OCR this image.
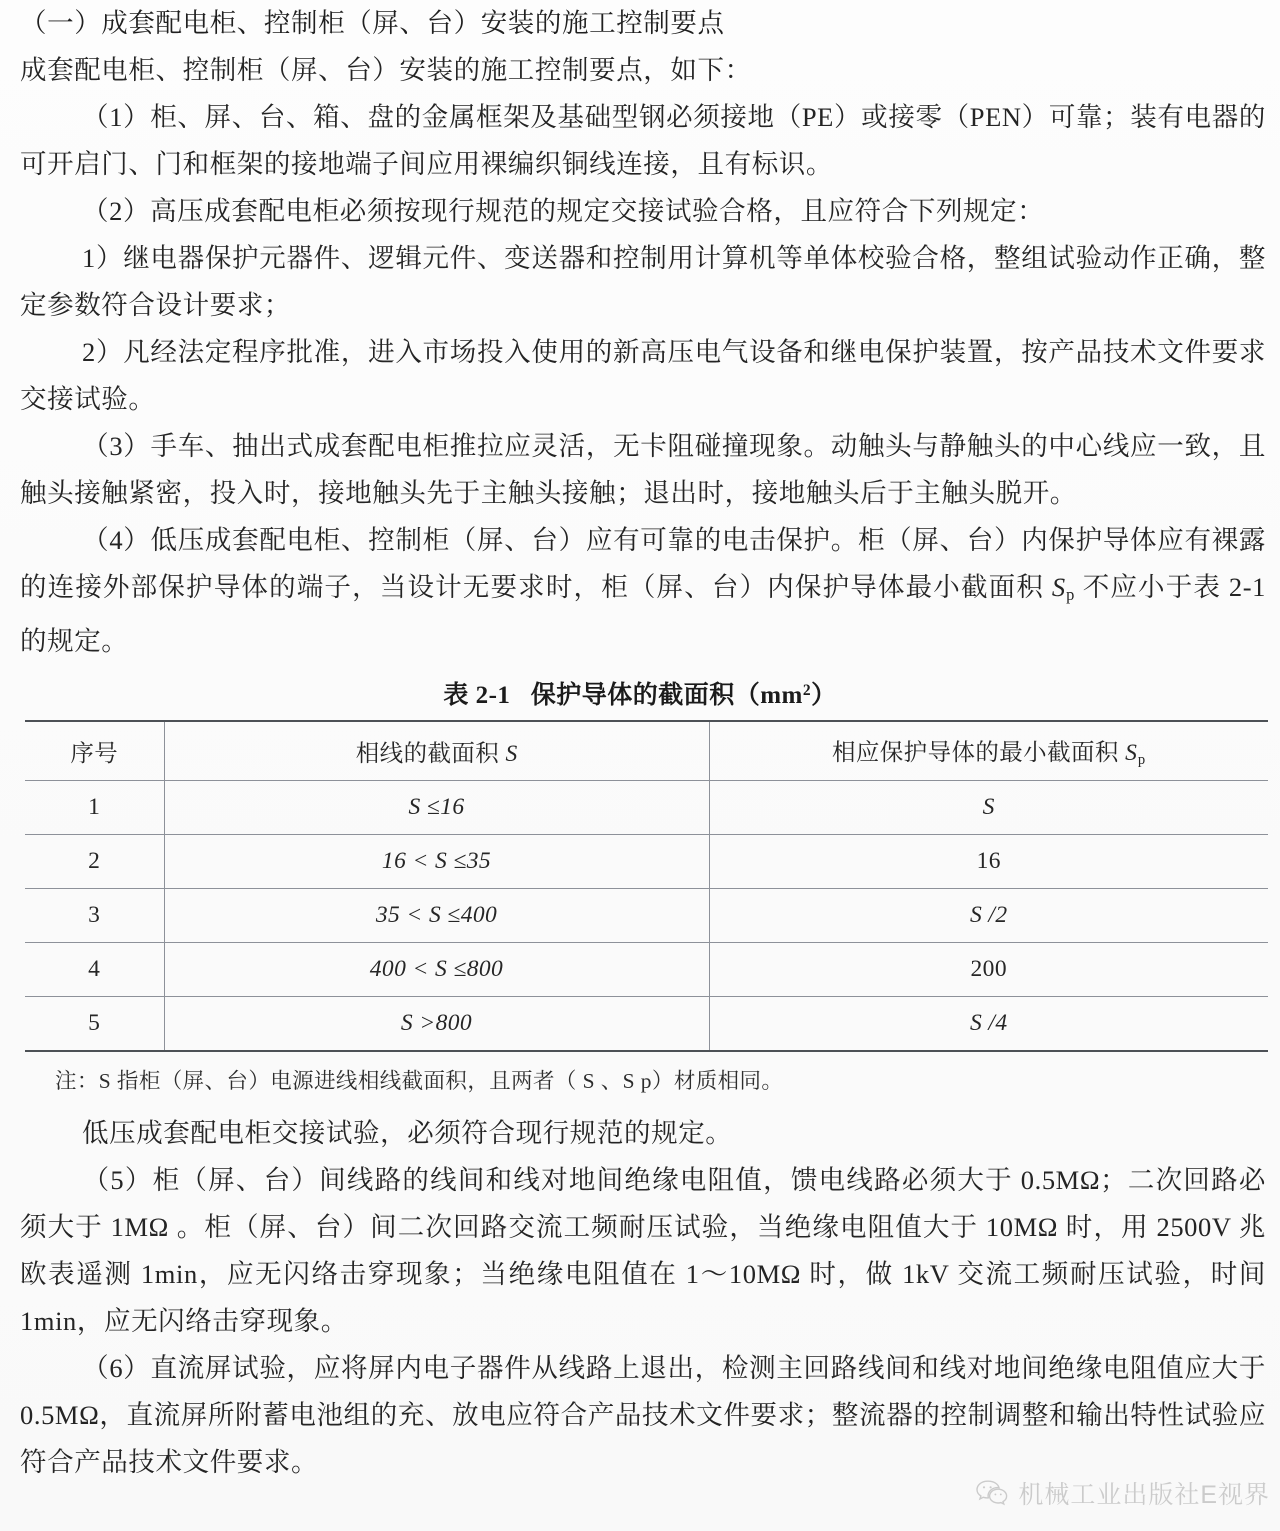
（一）成套配电柜、控制柜（屏、台）安装的施工控制要点

成套配电柜、控制柜（屏、台）安装的施工控制要点，如下：

（1）柜、屏、台、箱、盘的金属框架及基础型钢必须接地（PE）或接零（PEN）可靠；装有电器的可开启门、门和框架的接地端子间应用裸编织铜线连接，且有标识。

（2）高压成套配电柜必须按现行规范的规定交接试验合格，且应符合下列规定：

1）继电器保护元器件、逻辑元件、变送器和控制用计算机等单体校验合格，整组试验动作正确，整定参数符合设计要求；

2）凡经法定程序批准，进入市场投入使用的新高压电气设备和继电保护装置，按产品技术文件要求交接试验。

（3）手车、抽出式成套配电柜推拉应灵活，无卡阻碰撞现象。动触头与静触头的中心线应一致，且触头接触紧密，投入时，接地触头先于主触头接触；退出时，接地触头后于主触头脱开。

（4）低压成套配电柜、控制柜（屏、台）应有可靠的电击保护。柜（屏、台）内保护导体应有裸露的连接外部保护导体的端子，当设计无要求时，柜（屏、台）内保护导体最小截面积 $S_p$ 不应小于表 2-1 的规定。

表 2-1 保护导体的截面积$(mm^2)$
序号	相线的截面积 S	相应保护导体的最小截面积 $S_p$
1	S ≤16	S
2	16 < S ≤35	16
3	35 < S ≤400	S /2
4	400 < S ≤800	200
5	S >800	S /4

注：S 指柜（屏、台）电源进线相线截面积，且两者（ S 、S p）材质相同。

低压成套配电柜交接试验，必须符合现行规范的规定。

（5）柜（屏、台）间线路的线间和线对地间绝缘电阻值，馈电线路必须大于 0.5MΩ；二次回路必须大于 1MΩ 。柜（屏、台）间二次回路交流工频耐压试验，当绝缘电阻值大于 10MΩ 时，用 2500V 兆欧表遥测 1min，应无闪络击穿现象；当绝缘电阻值在 1～10MΩ 时，做 1kV 交流工频耐压试验，时间 1min，应无闪络击穿现象。

（6）直流屏试验，应将屏内电子器件从线路上退出，检测主回路线间和线对地间绝缘电阻值应大于 0.5MΩ，直流屏所附蓄电池组的充、放电应符合产品技术文件要求；整流器的控制调整和输出特性试验应符合产品技术文件要求。

机械工业出版社E视界
